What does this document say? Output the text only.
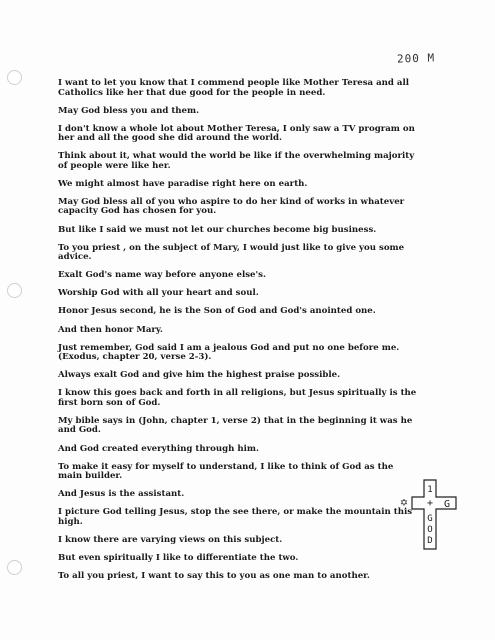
200 M

I want to let you know that I commend people like Mother Teresa and all Catholics like her that due good for the people in need.

May God bless you and them.

I don't know a whole lot about Mother Teresa, I only saw a TV program on her and all the good she did around the world.

Think about it, what would the world be like if the overwhelming majority of people were like her.

We might almost have paradise right here on earth.

May God bless all of you who aspire to do her kind of works in whatever capacity God has chosen for you.

But like I said we must not let our churches become big business.

To you priest , on the subject of Mary, I would just like to give you some advice.

Exalt God's name way before anyone else's.

Worship God with all your heart and soul.

Honor Jesus second, he is the Son of God and God's anointed one.

And then honor Mary.

Just remember, God said I am a jealous God and put no one before me. (Exodus, chapter 20, verse 2-3).

Always exalt God and give him the highest praise possible.

I know this goes back and forth in all religions, but Jesus spiritually is the first born son of God.

My bible says in (John, chapter 1, verse 2) that in the beginning it was he and God.

And God created everything through him.

To make it easy for myself to understand, I like to think of God as the main builder.

And Jesus is the assistant.

I picture God telling Jesus, stop the see there, or make the mountain this high.

I know there are varying views on this subject.

But even spiritually I like to differentiate the two.

To all you priest, I want to say this to you as one man to another.

✡
1
+ G
G
O
D
